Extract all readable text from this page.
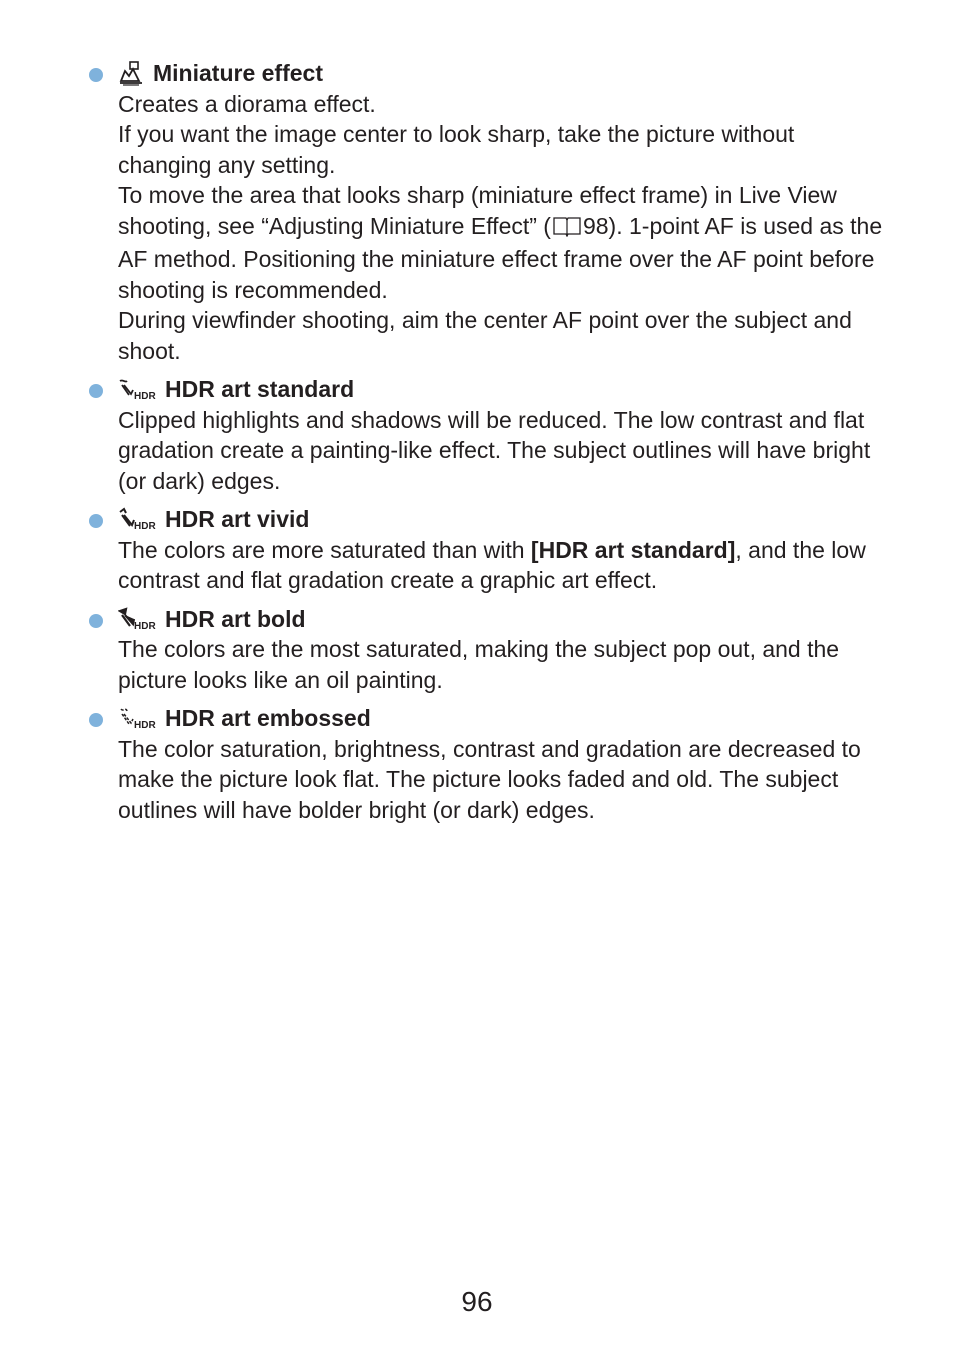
Miniature effect

Creates a diorama effect.

If you want the image center to look sharp, take the picture without changing any setting.

To move the area that looks sharp (miniature effect frame) in Live View shooting, see “Adjusting Miniature Effect” ( 98). 1-point AF is used as the AF method. Positioning the miniature effect frame over the AF point before shooting is recommended.

During viewfinder shooting, aim the center AF point over the subject and shoot.

HDR HDR art standard

Clipped highlights and shadows will be reduced. The low contrast and flat gradation create a painting-like effect. The subject outlines will have bright (or dark) edges.

HDR HDR art vivid

The colors are more saturated than with [HDR art standard], and the low contrast and flat gradation create a graphic art effect.

HDR HDR art bold

The colors are the most saturated, making the subject pop out, and the picture looks like an oil painting.

HDR HDR art embossed

The color saturation, brightness, contrast and gradation are decreased to make the picture look flat. The picture looks faded and old. The subject outlines will have bolder bright (or dark) edges.

96
